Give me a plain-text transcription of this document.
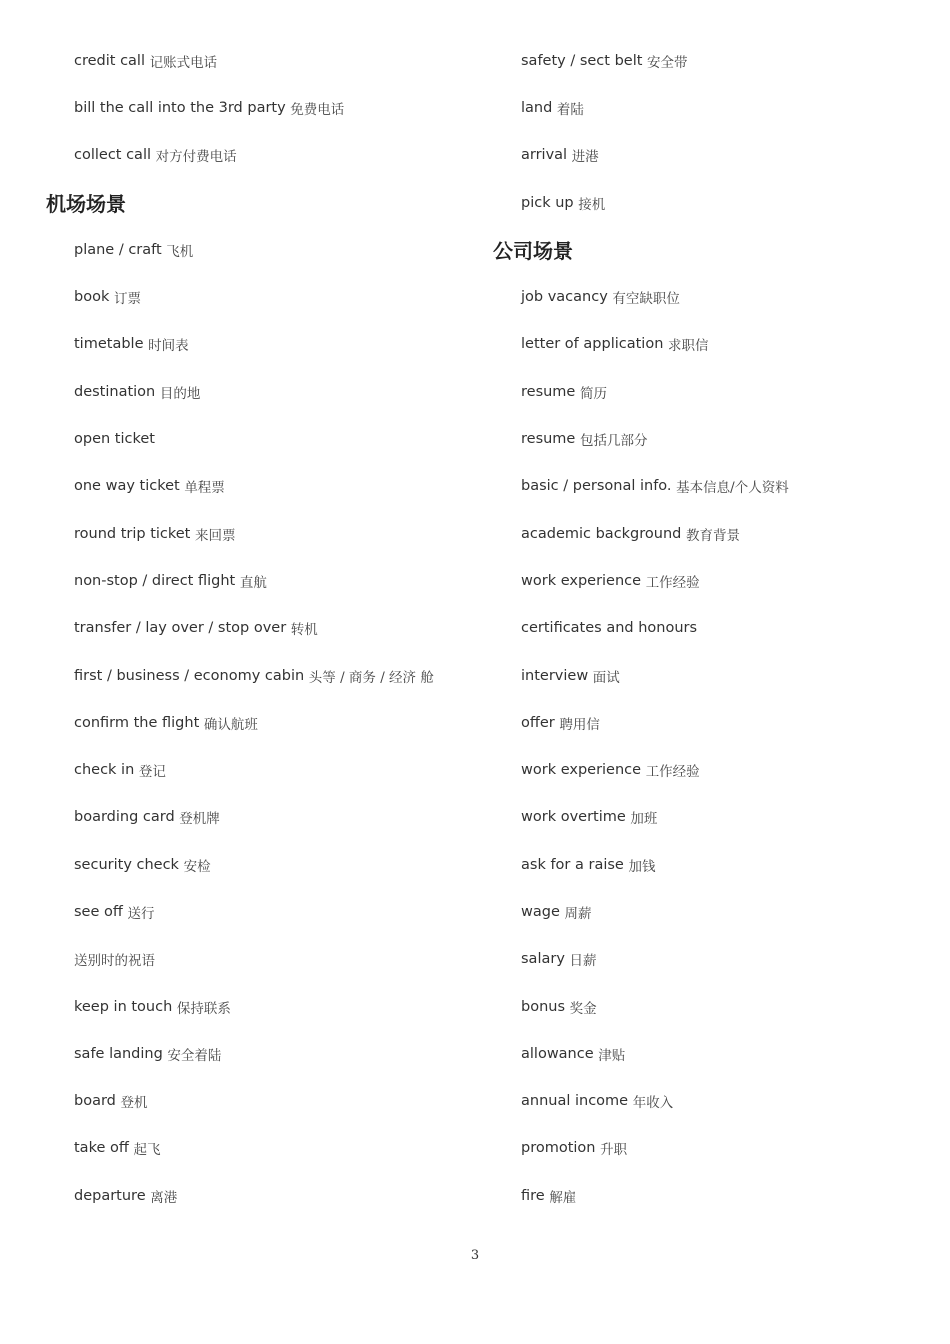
credit call
记账式电话
bill the call into the 3rd party
免费电话
collect call
对方付费电话
机场场景
plane / craft
飞机
book
订票
timetable
时间表
destination
目的地
open ticket
one way ticket
单程票
round trip ticket
来回票
non-stop / direct flight
直航
transfer / lay over / stop over
转机
first / business / economy cabin
头等 / 商务 / 经济 舱
confirm the flight
确认航班
check in
登记
boarding card
登机牌
security check
安检
see off
送行
送别时的祝语
keep in touch
保持联系
safe landing
安全着陆
board
登机
take off
起飞
departure
离港
safety / sect belt
安全带
land
着陆
arrival
进港
pick up
接机
公司场景
job vacancy
有空缺职位
letter of application
求职信
resume
简历
resume
包括几部分
basic / personal info.
基本信息/个人资料
academic background
教育背景
work experience
工作经验
certificates and honours
interview
面试
offer
聘用信
work experience
工作经验
work overtime
加班
ask for a raise
加钱
wage
周薪
salary
日薪
bonus
奖金
allowance
津贴
annual income
年收入
promotion
升职
fire
解雇
3
